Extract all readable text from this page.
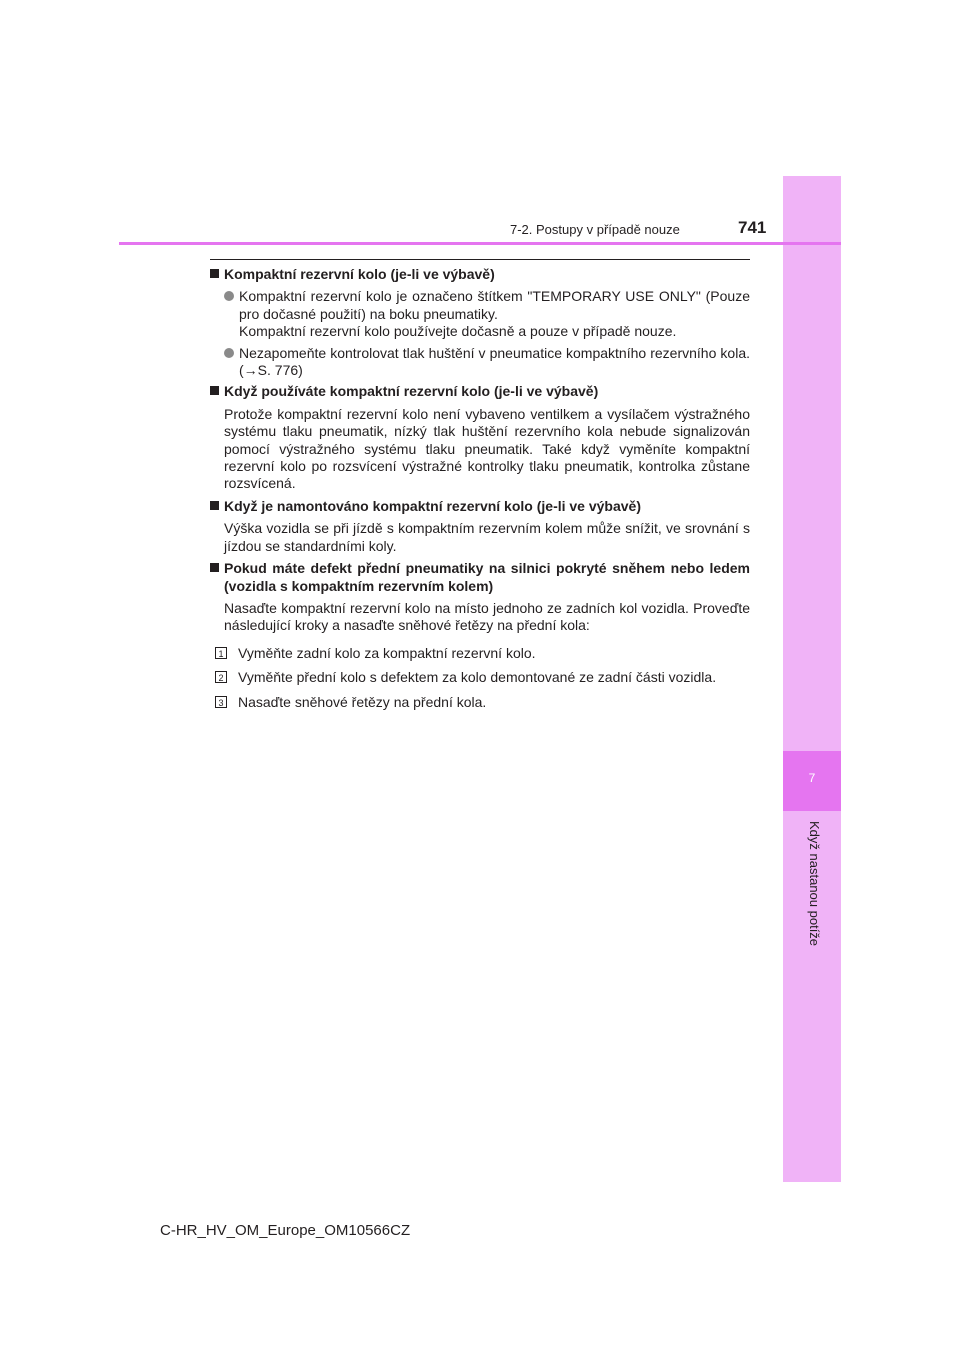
7
Když nastanou potíže
7-2. Postupy v případě nouze	741
Kompaktní rezervní kolo (je-li ve výbavě)
Kompaktní rezervní kolo je označeno štítkem "TEMPORARY USE ONLY" (Pouze pro dočasné použití) na boku pneumatiky.
Kompaktní rezervní kolo používejte dočasně a pouze v případě nouze.
Nezapomeňte kontrolovat tlak huštění v pneumatice kompaktního rezervního kola. (→S. 776)
Když používáte kompaktní rezervní kolo (je-li ve výbavě)
Protože kompaktní rezervní kolo není vybaveno ventilkem a vysílačem výstražného systému tlaku pneumatik, nízký tlak huštění rezervního kola nebude signalizován pomocí výstražného systému tlaku pneumatik. Také když vyměníte kompaktní rezervní kolo po rozsvícení výstražné kontrolky tlaku pneumatik, kontrolka zůstane rozsvícená.
Když je namontováno kompaktní rezervní kolo (je-li ve výbavě)
Výška vozidla se při jízdě s kompaktním rezervním kolem může snížit, ve srovnání s jízdou se standardními koly.
Pokud máte defekt přední pneumatiky na silnici pokryté sněhem nebo ledem (vozidla s kompaktním rezervním kolem)
Nasaďte kompaktní rezervní kolo na místo jednoho ze zadních kol vozidla. Proveďte následující kroky a nasaďte sněhové řetězy na přední kola:
1 Vyměňte zadní kolo za kompaktní rezervní kolo.
2 Vyměňte přední kolo s defektem za kolo demontované ze zadní části vozidla.
3 Nasaďte sněhové řetězy na přední kola.
C-HR_HV_OM_Europe_OM10566CZ
